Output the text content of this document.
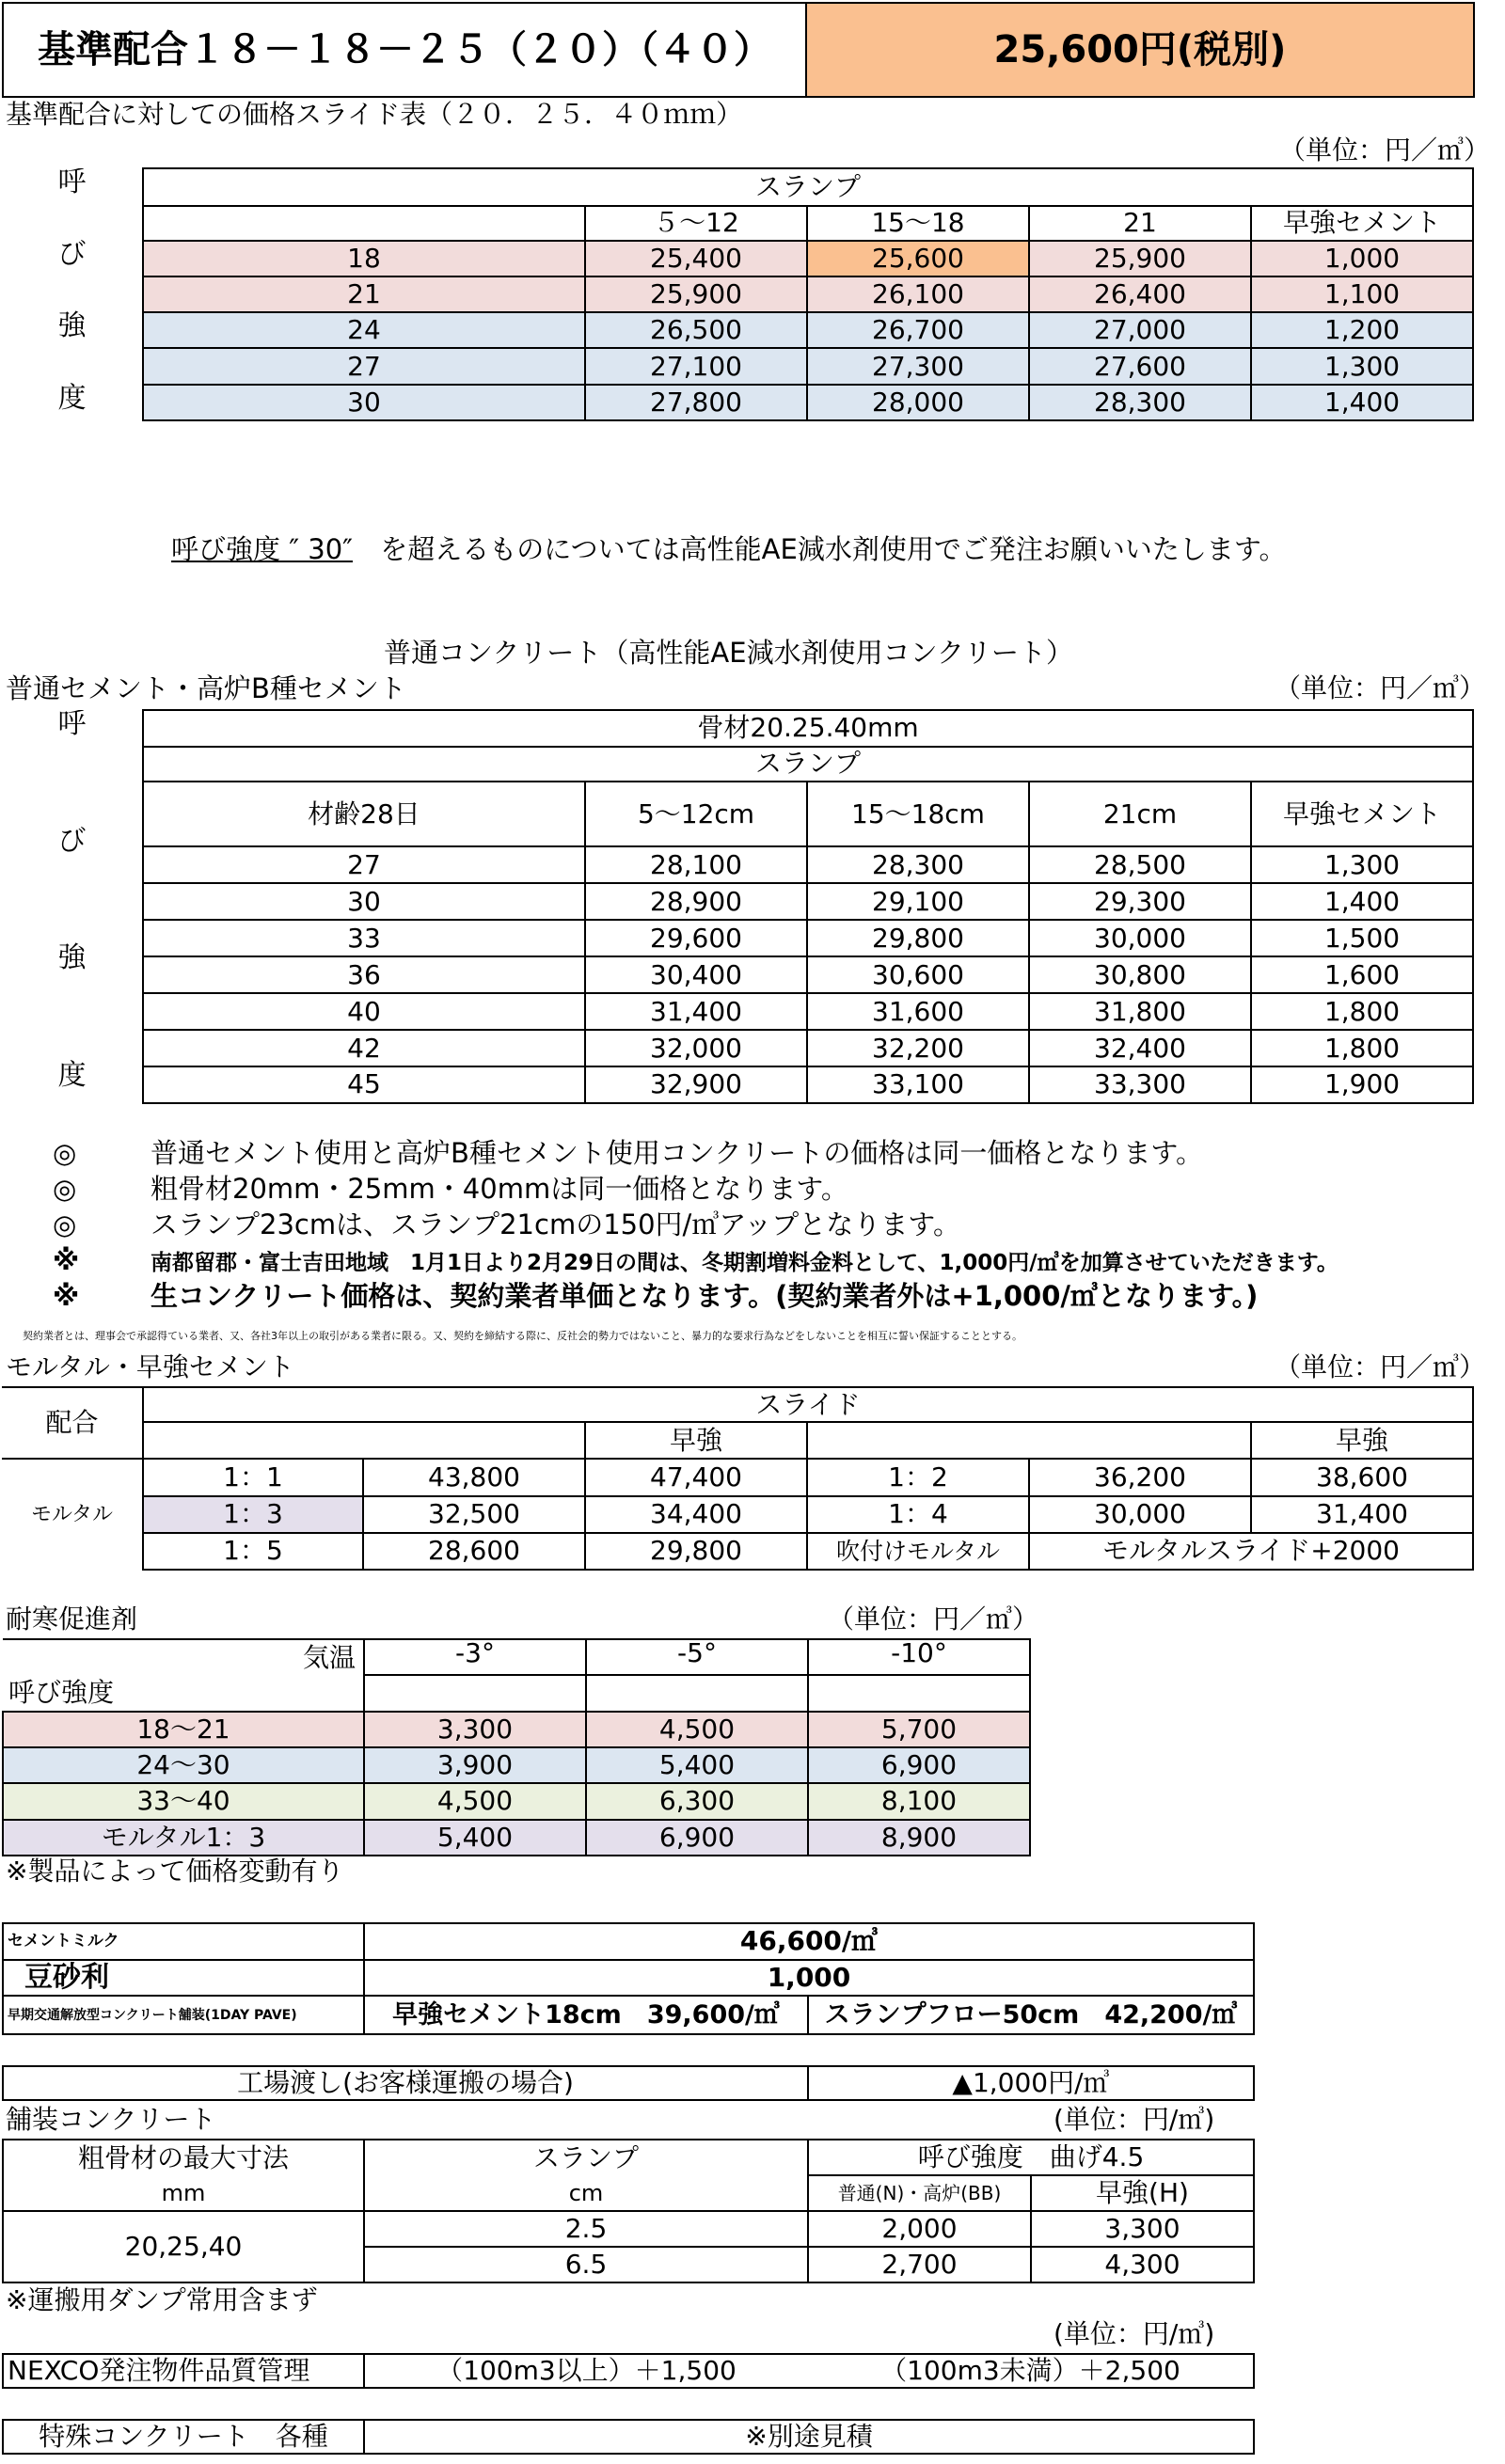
基準配合１８－１８－２５（２０）（４０）	25,600円(税別)
基準配合に対しての価格スライド表（２０．２５．４０ｍｍ）
（単位：円／㎥）
呼
び
強
度	スランプ				
		５～12	15～18	21	早強セメント
	18	25,400	25,600	25,900	1,000
	21	25,900	26,100	26,400	1,100
	24	26,500	26,700	27,000	1,200
	27	27,100	27,300	27,600	1,300
	30	27,800	28,000	28,300	1,400
呼び強度 ″ 30″ を超えるものについては高性能AE減水剤使用でご発注お願いいたします。
普通コンクリート（高性能AE減水剤使用コンクリート）
普通セメント・高炉B種セメント	（単位：円／㎥）
呼
び
強
度	骨材20.25.40mm				
	スランプ				
	材齢28日	5～12cm	15～18cm	21cm	早強セメント
	27	28,100	28,300	28,500	1,300
	30	28,900	29,100	29,300	1,400
	33	29,600	29,800	30,000	1,500
	36	30,400	30,600	30,800	1,600
	40	31,400	31,600	31,800	1,800
	42	32,000	32,200	32,400	1,800
	45	32,900	33,100	33,300	1,900
◎	普通セメント使用と高炉B種セメント使用コンクリートの価格は同一価格となります。
◎	粗骨材20mm・25mm・40mmは同一価格となります。
◎	スランプ23cmは、スランプ21cmの150円/㎥アップとなります。
※	南都留郡・富士吉田地域　1月1日より2月29日の間は、冬期割増料金料として、1,000円/㎥を加算させていただきます。
※	生コンクリート価格は、契約業者単価となります。(契約業者外は+1,000/㎥となります。)
契約業者とは、理事会で承認得ている業者、又、各社3年以上の取引がある業者に限る。又、契約を締結する際に、反社会的勢力ではないこと、暴力的な要求行為などをしないことを相互に誓い保証することとする。
モルタル・早強セメント	（単位：円／㎥）
配合	スライド					
			早強			早強
モルタル	1：1	43,800	47,400	1：2	36,200	38,600
	1：3	32,500	34,400	1：4	30,000	31,400
	1：5	28,600	29,800	吹付けモルタル	モルタルスライド+2000	
耐寒促進剤	（単位：円／㎥）
気温	-3°	-5°	-10°
呼び強度			
18～21	3,300	4,500	5,700
24～30	3,900	5,400	6,900
33～40	4,500	6,300	8,100
モルタル1：3	5,400	6,900	8,900
※製品によって価格変動有り
セメントミルク	46,600/㎥	
豆砂利	1,000	
早期交通解放型コンクリート舗装(1DAY PAVE)	早強セメント18cm　39,600/㎥	スランプフロー50cm　42,200/㎥
工場渡し(お客様運搬の場合)	▲1,000円/㎥
舗装コンクリート	(単位：円/㎥)
粗骨材の最大寸法	スランプ	呼び強度　曲げ4.5	
mm	cm	普通(N)・高炉(BB)	早強(H)
20,25,40	2.5	2,000	3,300
	6.5	2,700	4,300
※運搬用ダンプ常用含まず
(単位：円/㎥)
NEXCO発注物件品質管理	（100m3以上）＋1,500	（100m3未満）＋2,500
特殊コンクリート　各種	※別途見積
